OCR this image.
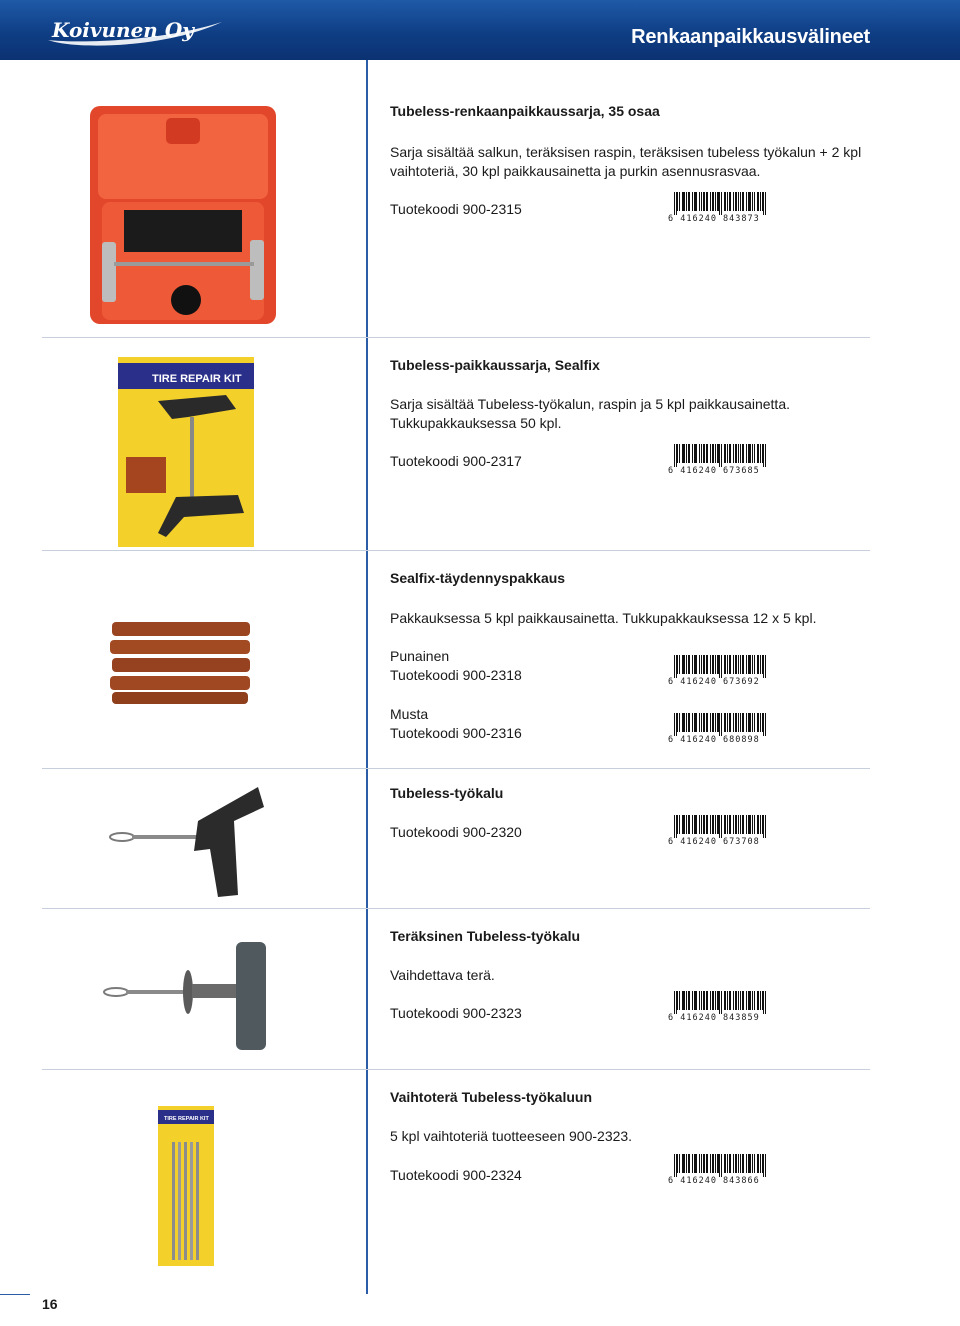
Koivunen Oy	Renkaanpaikkausvälineet
Tubeless-renkaanpaikkaussarja, 35 osaa
Sarja sisältää salkun, teräksisen raspin, teräksisen tubeless työkalun + 2 kpl
vaihtoteriä, 30 kpl paikkausainetta ja purkin asennusrasvaa.
Tuotekoodi 900-2315
6 416240 843873
TIRE REPAIR KIT
Tubeless-paikkaussarja, Sealfix
Sarja sisältää Tubeless-työkalun, raspin ja 5 kpl paikkausainetta.
Tukkupakkauksessa 50 kpl.
Tuotekoodi 900-2317
6 416240 673685
Sealfix-täydennyspakkaus
Pakkauksessa 5 kpl paikkausainetta. Tukkupakkauksessa 12 x 5 kpl.
Punainen
Tuotekoodi 900-2318	6 416240 673692
Musta
Tuotekoodi 900-2316	6 416240 680898
Tubeless-työkalu
Tuotekoodi 900-2320
6 416240 673708
Teräksinen Tubeless-työkalu
Vaihdettava terä.
Tuotekoodi 900-2323	6 416240 843859
TIRE REPAIR KIT
Vaihtoterä Tubeless-työkaluun
5 kpl vaihtoteriä tuotteeseen 900-2323.
Tuotekoodi 900-2324	6 416240 843866
16
